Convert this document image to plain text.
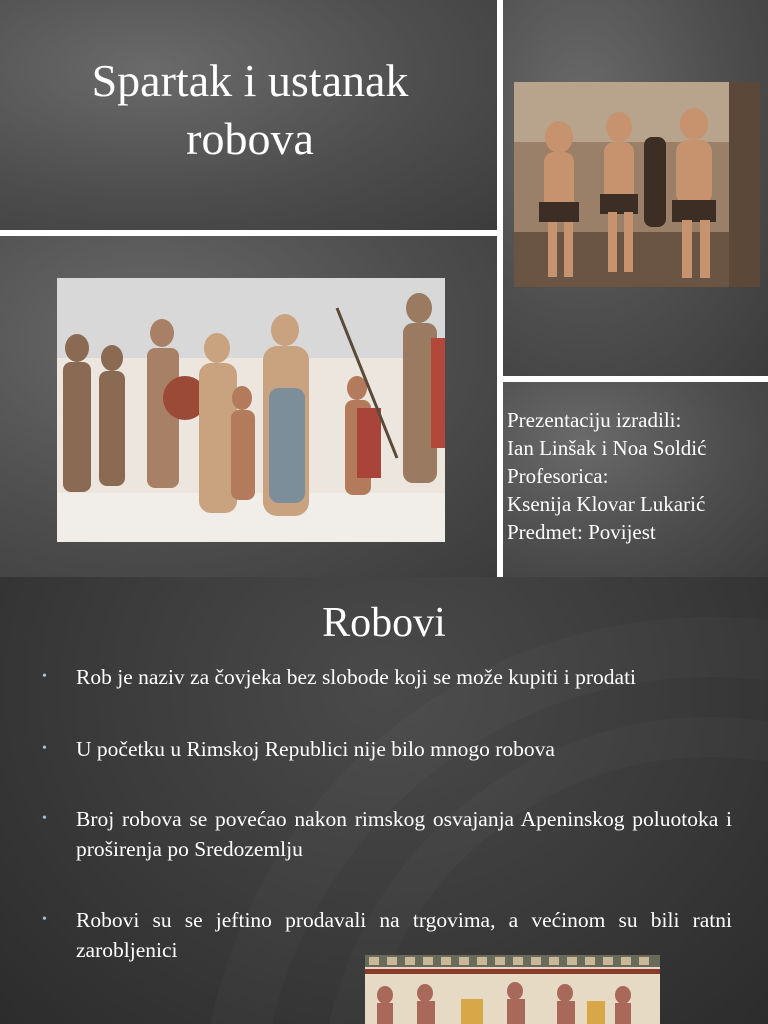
Spartak i ustanak
robova
Prezentaciju izradili:
Ian Linšak i Noa Soldić
Profesorica:
Ksenija Klovar Lukarić
Predmet: Povijest
Robovi
• Rob je naziv za čovjeka bez slobode koji se može kupiti i prodati
• U početku u Rimskoj Republici nije bilo mnogo robova
• Broj robova se povećao nakon rimskog osvajanja Apeninskog poluotoka i proširenja po Sredozemlju
• Robovi su se jeftino prodavali na trgovima, a većinom su bili ratni zarobljenici
